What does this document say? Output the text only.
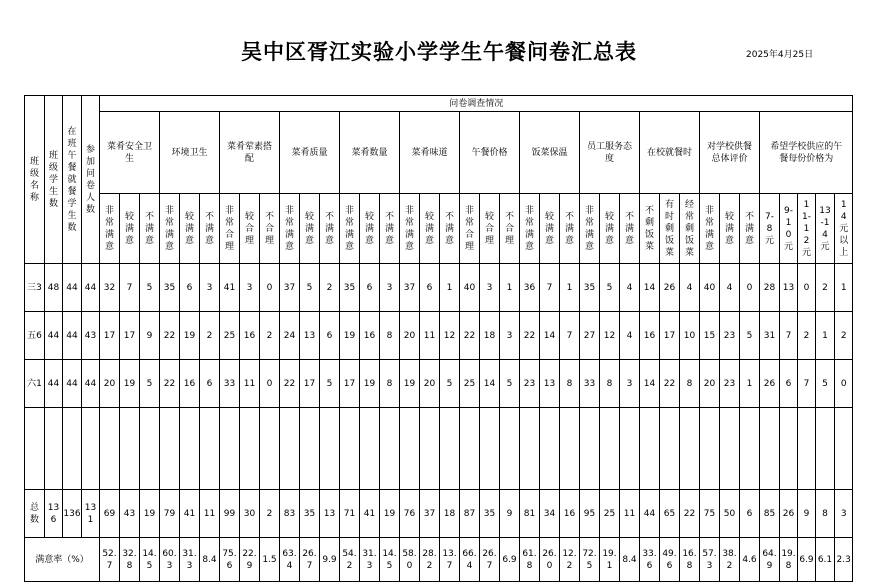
吴中区胥江实验小学学生午餐问卷汇总表	2025年4月25日
班级名称	班级学生数	在班午餐就餐学生数	参加问卷人数	问卷调查情况																																					
				菜肴安全卫生			环境卫生			菜肴荤素搭配			菜肴质量			菜肴数量			菜肴味道			午餐价格			饭菜保温			员工服务态度			在校就餐时			对学校供餐总体评价			希望学校供应的午餐每份价格为				
				非常满意	较满意	不满意	非常满意	较满意	不满意	非常合理	较合理	不合理	非常满意	较满意	不满意	非常满意	较满意	不满意	非常满意	较满意	不满意	非常合理	较合理	不合理	非常满意	较满意	不满意	非常满意	较满意	不满意	不剩饭菜	有时剩饭菜	经常剩饭菜	非常满意	较满意	不满意	7-8元	9-10元	11-12元	13-14元	14元以上
三3	48	44	44	32	7	5	35	6	3	41	3	0	37	5	2	35	6	3	37	6	1	40	3	1	36	7	1	35	5	4	14	26	4	40	4	0	28	13	0	2	1
五6	44	44	43	17	17	9	22	19	2	25	16	2	24	13	6	19	16	8	20	11	12	22	18	3	22	14	7	27	12	4	16	17	10	15	23	5	31	7	2	1	2
六1	44	44	44	20	19	5	22	16	6	33	11	0	22	17	5	17	19	8	19	20	5	25	14	5	23	13	8	33	8	3	14	22	8	20	23	1	26	6	7	5	0

总数	136	136	131	69	43	19	79	41	11	99	30	2	83	35	13	71	41	19	76	37	18	87	35	9	81	34	16	95	25	11	44	65	22	75	50	6	85	26	9	8	3
满意率（%）				52.7	32.8	14.5	60.3	31.3	8.4	75.6	22.9	1.5	63.4	26.7	9.9	54.2	31.3	14.5	58.0	28.2	13.7	66.4	26.7	6.9	61.8	26.0	12.2	72.5	19.1	8.4	33.6	49.6	16.8	57.3	38.2	4.6	64.9	19.8	6.9	6.1	2.3
